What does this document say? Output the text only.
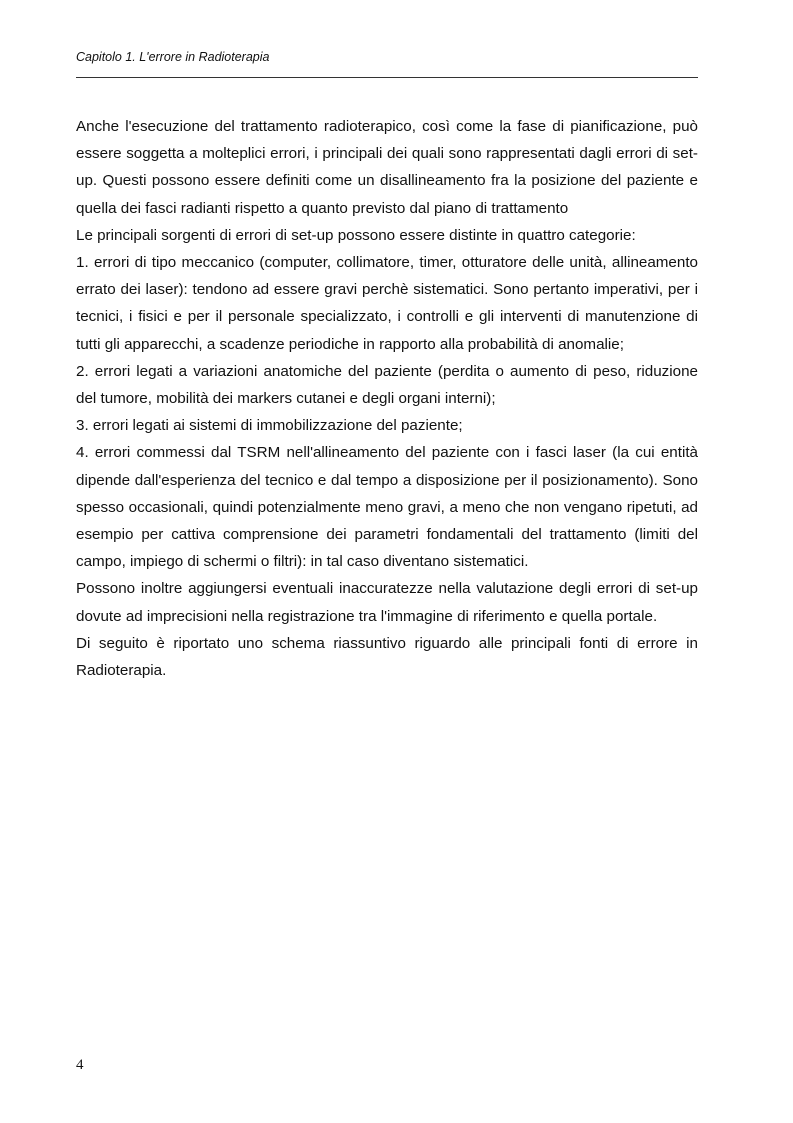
Capitolo 1. L'errore in Radioterapia

Anche l'esecuzione del trattamento radioterapico, così come la fase di pianificazione, può essere soggetta a molteplici errori, i principali dei quali sono rappresentati dagli errori di set-up. Questi possono essere definiti come un disallineamento fra la posizione del paziente e quella dei fasci radianti rispetto a quanto previsto dal piano di trattamento

Le principali sorgenti di errori di set-up possono essere distinte in quattro categorie:

1. errori di tipo meccanico (computer, collimatore, timer, otturatore delle unità, allineamento errato dei laser): tendono ad essere gravi perchè sistematici. Sono pertanto imperativi, per i tecnici, i fisici e per il personale specializzato, i controlli e gli interventi di manutenzione di tutti gli apparecchi, a scadenze periodiche in rapporto alla probabilità di anomalie;

2. errori legati a variazioni anatomiche del paziente (perdita o aumento di peso, riduzione del tumore, mobilità dei markers cutanei e degli organi interni);

3. errori legati ai sistemi di immobilizzazione del paziente;

4. errori commessi dal TSRM nell'allineamento del paziente con i fasci laser (la cui entità dipende dall'esperienza del tecnico e dal tempo a disposizione per il posizionamento). Sono spesso occasionali, quindi potenzialmente meno gravi, a meno che non vengano ripetuti, ad esempio per cattiva comprensione dei parametri fondamentali del trattamento (limiti del campo, impiego di schermi o filtri): in tal caso diventano sistematici.

Possono inoltre aggiungersi eventuali inaccuratezze nella valutazione degli errori di set-up dovute ad imprecisioni nella registrazione tra l'immagine di riferimento e quella portale.

Di seguito è riportato uno schema riassuntivo riguardo alle principali fonti di errore in Radioterapia.

4
